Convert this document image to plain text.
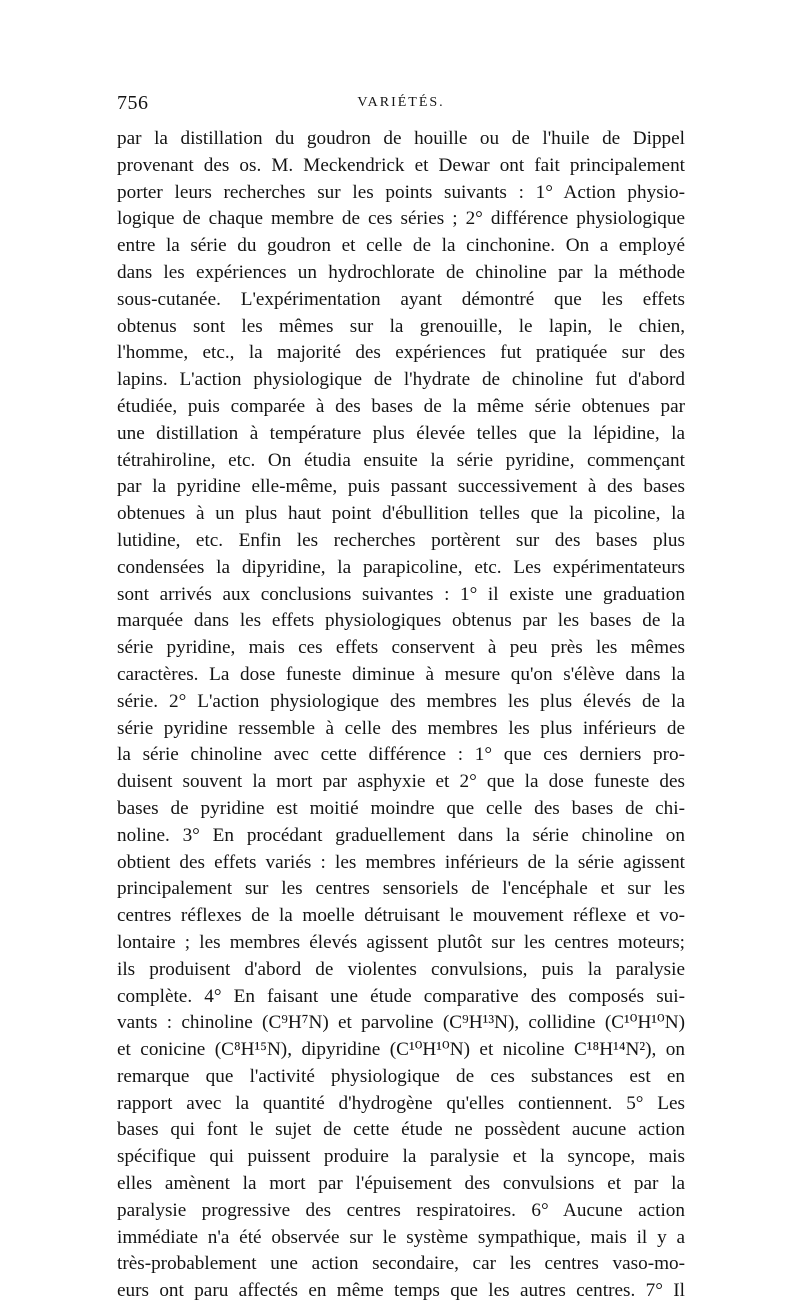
756	VARIÉTÉS.
par la distillation du goudron de houille ou de l'huile de Dippel
provenant des os. M. Meckendrick et Dewar ont fait principalement
porter leurs recherches sur les points suivants : 1° Action physio-
logique de chaque membre de ces séries ; 2° différence physiologique
entre la série du goudron et celle de la cinchonine. On a employé
dans les expériences un hydrochlorate de chinoline par la méthode
sous-cutanée. L'expérimentation ayant démontré que les effets
obtenus sont les mêmes sur la grenouille, le lapin, le chien,
l'homme, etc., la majorité des expériences fut pratiquée sur des
lapins. L'action physiologique de l'hydrate de chinoline fut d'abord
étudiée, puis comparée à des bases de la même série obtenues par
une distillation à température plus élevée telles que la lépidine, la
tétrahiroline, etc. On étudia ensuite la série pyridine, commençant
par la pyridine elle-même, puis passant successivement à des bases
obtenues à un plus haut point d'ébullition telles que la picoline, la
lutidine, etc. Enfin les recherches portèrent sur des bases plus
condensées la dipyridine, la parapicoline, etc. Les expérimentateurs
sont arrivés aux conclusions suivantes : 1° il existe une graduation
marquée dans les effets physiologiques obtenus par les bases de la
série pyridine, mais ces effets conservent à peu près les mêmes
caractères. La dose funeste diminue à mesure qu'on s'élève dans la
série. 2° L'action physiologique des membres les plus élevés de la
série pyridine ressemble à celle des membres les plus inférieurs de
la série chinoline avec cette différence : 1° que ces derniers pro-
duisent souvent la mort par asphyxie et 2° que la dose funeste des
bases de pyridine est moitié moindre que celle des bases de chi-
noline. 3° En procédant graduellement dans la série chinoline on
obtient des effets variés : les membres inférieurs de la série agissent
principalement sur les centres sensoriels de l'encéphale et sur les
centres réflexes de la moelle détruisant le mouvement réflexe et vo-
lontaire ; les membres élevés agissent plutôt sur les centres moteurs;
ils produisent d'abord de violentes convulsions, puis la paralysie
complète. 4° En faisant une étude comparative des composés sui-
vants : chinoline (C⁹H⁷N) et parvoline (C⁹H¹³N), collidine (C¹⁰H¹⁰N)
et conicine (C⁸H¹⁵N), dipyridine (C¹⁰H¹⁰N) et nicoline C¹⁸H¹⁴N²), on
remarque que l'activité physiologique de ces substances est en
rapport avec la quantité d'hydrogène qu'elles contiennent. 5° Les
bases qui font le sujet de cette étude ne possèdent aucune action
spécifique qui puissent produire la paralysie et la syncope, mais
elles amènent la mort par l'épuisement des convulsions et par la
paralysie progressive des centres respiratoires. 6° Aucune action
immédiate n'a été observée sur le système sympathique, mais il y a
très-probablement une action secondaire, car les centres vaso-mo-
eurs ont paru affectés en même temps que les autres centres. 7° Il
